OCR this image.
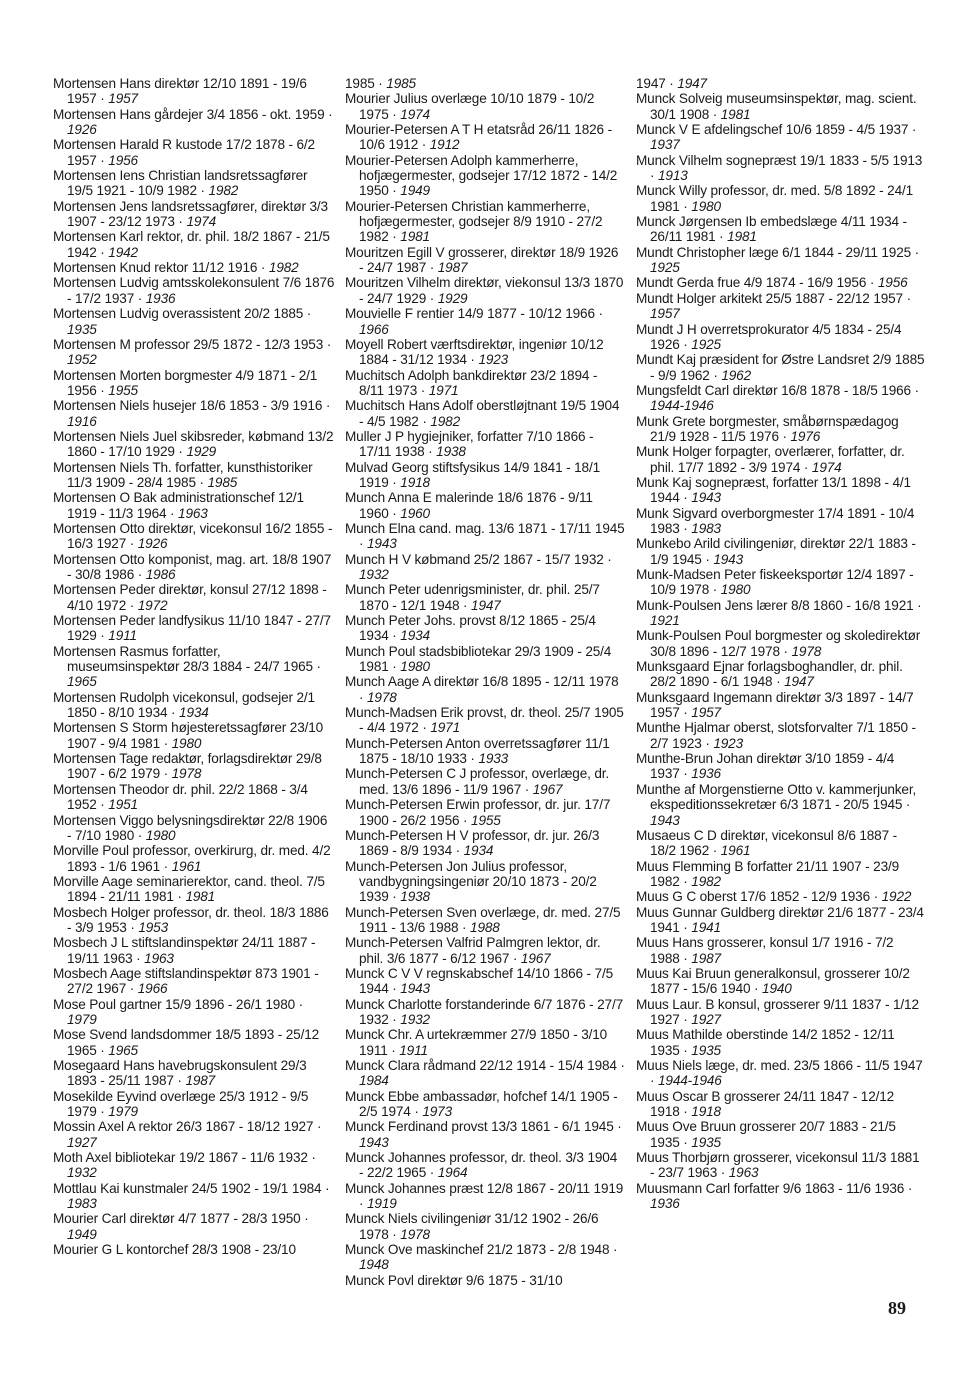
Mortensen Hans direktør 12/10 1891 - 19/6 1957 · 1957

Mortensen Hans gårdejer 3/4 1856 - okt. 1959 · 1926

Mortensen Harald R kustode 17/2 1878 - 6/2 1957 · 1956

Mortensen Iens Christian landsretssagfører 19/5 1921 - 10/9 1982 · 1982

Mortensen Jens landsretssagfører, direktør 3/3 1907 - 23/12 1973 · 1974

Mortensen Karl rektor, dr. phil. 18/2 1867 - 21/5 1942 · 1942

Mortensen Knud rektor 11/12 1916 · 1982

Mortensen Ludvig amtsskolekonsulent 7/6 1876 - 17/2 1937 · 1936

Mortensen Ludvig overassistent 20/2 1885 · 1935

Mortensen M professor 29/5 1872 - 12/3 1953 · 1952

Mortensen Morten borgmester 4/9 1871 - 2/1 1956 · 1955

Mortensen Niels husejer 18/6 1853 - 3/9 1916 · 1916

Mortensen Niels Juel skibsreder, købmand 13/2 1860 - 17/10 1929 · 1929

Mortensen Niels Th. forfatter, kunsthistoriker 11/3 1909 - 28/4 1985 · 1985

Mortensen O Bak administrationschef 12/1 1919 - 11/3 1964 · 1963

Mortensen Otto direktør, vicekonsul 16/2 1855 - 16/3 1927 · 1926

Mortensen Otto komponist, mag. art. 18/8 1907 - 30/8 1986 · 1986

Mortensen Peder direktør, konsul 27/12 1898 - 4/10 1972 · 1972

Mortensen Peder landfysikus 11/10 1847 - 27/7 1929 · 1911

Mortensen Rasmus forfatter, museumsinspektør 28/3 1884 - 24/7 1965 · 1965

Mortensen Rudolph vicekonsul, godsejer 2/1 1850 - 8/10 1934 · 1934

Mortensen S Storm højesteretssagfører 23/10 1907 - 9/4 1981 · 1980

Mortensen Tage redaktør, forlagsdirektør 29/8 1907 - 6/2 1979 · 1978

Mortensen Theodor dr. phil. 22/2 1868 - 3/4 1952 · 1951

Mortensen Viggo belysningsdirektør 22/8 1906 - 7/10 1980 · 1980

Morville Poul professor, overkirurg, dr. med. 4/2 1893 - 1/6 1961 · 1961

Morville Aage seminarierektor, cand. theol. 7/5 1894 - 21/11 1981 · 1981

Mosbech Holger professor, dr. theol. 18/3 1886 - 3/9 1953 · 1953

Mosbech J L stiftslandinspektør 24/11 1887 - 19/11 1963 · 1963

Mosbech Aage stiftslandinspektør 873 1901 - 27/2 1967 · 1966

Mose Poul gartner 15/9 1896 - 26/1 1980 · 1979

Mose Svend landsdommer 18/5 1893 - 25/12 1965 · 1965

Mosegaard Hans havebrugskonsulent 29/3 1893 - 25/11 1987 · 1987

Mosekilde Eyvind overlæge 25/3 1912 - 9/5 1979 · 1979

Mossin Axel A rektor 26/3 1867 - 18/12 1927 · 1927

Moth Axel bibliotekar 19/2 1867 - 11/6 1932 · 1932

Mottlau Kai kunstmaler 24/5 1902 - 19/1 1984 · 1983

Mourier Carl direktør 4/7 1877 - 28/3 1950 · 1949

Mourier G L kontorchef 28/3 1908 - 23/10

1985 · 1985

Mourier Julius overlæge 10/10 1879 - 10/2 1975 · 1974

Mourier-Petersen A T H etatsråd 26/11 1826 - 10/6 1912 · 1912

Mourier-Petersen Adolph kammerherre, hofjægermester, godsejer 17/12 1872 - 14/2 1950 · 1949

Mourier-Petersen Christian kammerherre, hofjægermester, godsejer 8/9 1910 - 27/2 1982 · 1981

Mouritzen Egill V grosserer, direktør 18/9 1926 - 24/7 1987 · 1987

Mouritzen Vilhelm direktør, viekonsul 13/3 1870 - 24/7 1929 · 1929

Mouvielle F rentier 14/9 1877 - 10/12 1966 · 1966

Moyell Robert værftsdirektør, ingeniør 10/12 1884 - 31/12 1934 · 1923

Muchitsch Adolph bankdirektør 23/2 1894 - 8/11 1973 · 1971

Muchitsch Hans Adolf oberstløjtnant 19/5 1904 - 4/5 1982 · 1982

Muller J P hygiejniker, forfatter 7/10 1866 - 17/11 1938 · 1938

Mulvad Georg stiftsfysikus 14/9 1841 - 18/1 1919 · 1918

Munch Anna E malerinde 18/6 1876 - 9/11 1960 · 1960

Munch Elna cand. mag. 13/6 1871 - 17/11 1945 · 1943

Munch H V købmand 25/2 1867 - 15/7 1932 · 1932

Munch Peter udenrigsminister, dr. phil. 25/7 1870 - 12/1 1948 · 1947

Munch Peter Johs. provst 8/12 1865 - 25/4 1934 · 1934

Munch Poul stadsbibliotekar 29/3 1909 - 25/4 1981 · 1980

Munch Aage A direktør 16/8 1895 - 12/11 1978 · 1978

Munch-Madsen Erik provst, dr. theol. 25/7 1905 - 4/4 1972 · 1971

Munch-Petersen Anton overretssagfører 11/1 1875 - 18/10 1933 · 1933

Munch-Petersen C J professor, overlæge, dr. med. 13/6 1896 - 11/9 1967 · 1967

Munch-Petersen Erwin professor, dr. jur. 17/7 1900 - 26/2 1956 · 1955

Munch-Petersen H V professor, dr. jur. 26/3 1869 - 8/9 1934 · 1934

Munch-Petersen Jon Julius professor, vandbygningsingeniør 20/10 1873 - 20/2 1939 · 1938

Munch-Petersen Sven overlæge, dr. med. 27/5 1911 - 13/6 1988 · 1988

Munch-Petersen Valfrid Palmgren lektor, dr. phil. 3/6 1877 - 6/12 1967 · 1967

Munck C V V regnskabschef 14/10 1866 - 7/5 1944 · 1943

Munck Charlotte forstanderinde 6/7 1876 - 27/7 1932 · 1932

Munck Chr. A urtekræmmer 27/9 1850 - 3/10 1911 · 1911

Munck Clara rådmand 22/12 1914 - 15/4 1984 · 1984

Munck Ebbe ambassadør, hofchef 14/1 1905 - 2/5 1974 · 1973

Munck Ferdinand provst 13/3 1861 - 6/1 1945 · 1943

Munck Johannes professor, dr. theol. 3/3 1904 - 22/2 1965 · 1964

Munck Johannes præst 12/8 1867 - 20/11 1919 · 1919

Munck Niels civilingeniør 31/12 1902 - 26/6 1978 · 1978

Munck Ove maskinchef 21/2 1873 - 2/8 1948 · 1948

Munck Povl direktør 9/6 1875 - 31/10

1947 · 1947

Munck Solveig museumsinspektør, mag. scient. 30/1 1908 · 1981

Munck V E afdelingschef 10/6 1859 - 4/5 1937 · 1937

Munck Vilhelm sognepræst 19/1 1833 - 5/5 1913 · 1913

Munck Willy professor, dr. med. 5/8 1892 - 24/1 1981 · 1980

Munck Jørgensen Ib embedslæge 4/11 1934 - 26/11 1981 · 1981

Mundt Christopher læge 6/1 1844 - 29/11 1925 · 1925

Mundt Gerda frue 4/9 1874 - 16/9 1956 · 1956

Mundt Holger arkitekt 25/5 1887 - 22/12 1957 · 1957

Mundt J H overretsprokurator 4/5 1834 - 25/4 1926 · 1925

Mundt Kaj præsident for Østre Landsret 2/9 1885 - 9/9 1962 · 1962

Mungsfeldt Carl direktør 16/8 1878 - 18/5 1966 · 1944-1946

Munk Grete borgmester, småbørnspædagog 21/9 1928 - 11/5 1976 · 1976

Munk Holger forpagter, overlærer, forfatter, dr. phil. 17/7 1892 - 3/9 1974 · 1974

Munk Kaj sognepræst, forfatter 13/1 1898 - 4/1 1944 · 1943

Munk Sigvard overborgmester 17/4 1891 - 10/4 1983 · 1983

Munkebo Arild civilingeniør, direktør 22/1 1883 - 1/9 1945 · 1943

Munk-Madsen Peter fiskeeksportør 12/4 1897 - 10/9 1978 · 1980

Munk-Poulsen Jens lærer 8/8 1860 - 16/8 1921 · 1921

Munk-Poulsen Poul borgmester og skoledirektør 30/8 1896 - 12/7 1978 · 1978

Munksgaard Ejnar forlagsboghandler, dr. phil. 28/2 1890 - 6/1 1948 · 1947

Munksgaard Ingemann direktør 3/3 1897 - 14/7 1957 · 1957

Munthe Hjalmar oberst, slotsforvalter 7/1 1850 - 2/7 1923 · 1923

Munthe-Brun Johan direktør 3/10 1859 - 4/4 1937 · 1936

Munthe af Morgenstierne Otto v. kammerjunker, ekspeditionssekretær 6/3 1871 - 20/5 1945 · 1943

Musaeus C D direktør, vicekonsul 8/6 1887 - 18/2 1962 · 1961

Muus Flemming B forfatter 21/11 1907 - 23/9 1982 · 1982

Muus G C oberst 17/6 1852 - 12/9 1936 · 1922

Muus Gunnar Guldberg direktør 21/6 1877 - 23/4 1941 · 1941

Muus Hans grosserer, konsul 1/7 1916 - 7/2 1988 · 1987

Muus Kai Bruun generalkonsul, grosserer 10/2 1877 - 15/6 1940 · 1940

Muus Laur. B konsul, grosserer 9/11 1837 - 1/12 1927 · 1927

Muus Mathilde oberstinde 14/2 1852 - 12/11 1935 · 1935

Muus Niels læge, dr. med. 23/5 1866 - 11/5 1947 · 1944-1946

Muus Oscar B grosserer 24/11 1847 - 12/12 1918 · 1918

Muus Ove Bruun grosserer 20/7 1883 - 21/5 1935 · 1935

Muus Thorbjørn grosserer, vicekonsul 11/3 1881 - 23/7 1963 · 1963

Muusmann Carl forfatter 9/6 1863 - 11/6 1936 · 1936

89
